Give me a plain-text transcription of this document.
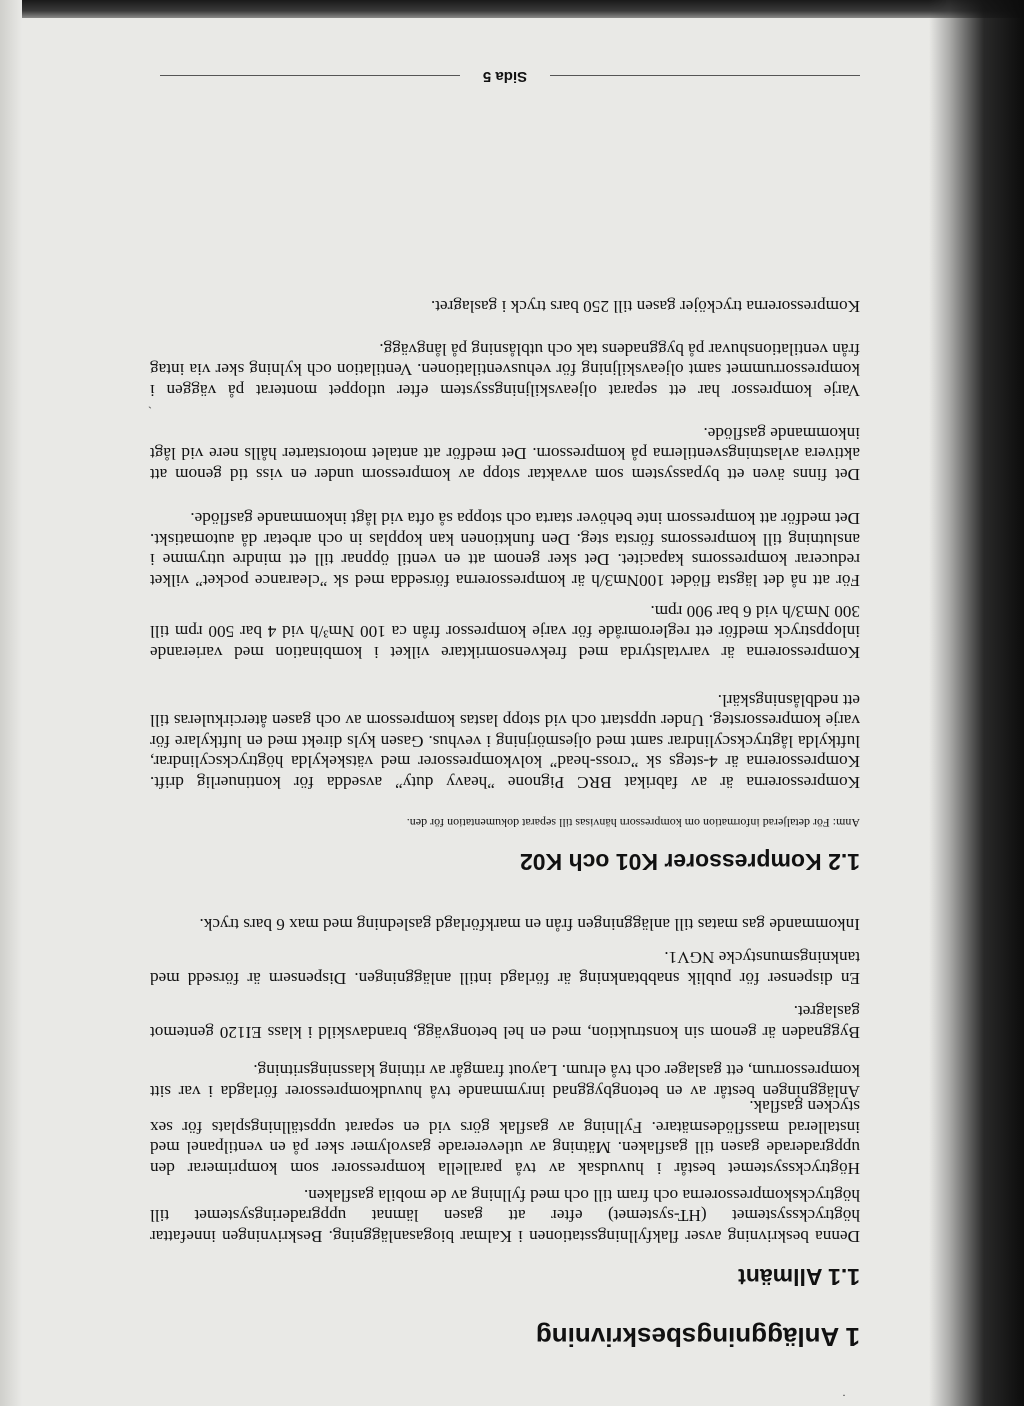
·
`
1 Anläggningsbeskrivning
1.1 Allmänt

Denna beskrivning avser flakfyllningsstationen i Kalmar biogasanläggning. Beskrivningen innefattar högtryckssystemet (HT-systemet) efter att gasen lämnat uppgraderingsystemet till högtryckskompressorerna och fram till och med fyllning av de mobila gasflaken.

Högtryckssystemet består i huvudsak av två parallella kompressorer som komprimerar den uppgraderade gasen till gasflaken. Mätning av utlevererade gasvolymer sker på en ventilpanel med installerad massflödesmätare. Fyllning av gasflak görs vid en separat uppställningsplats för sex stycken gasflak.

Anläggningen består av en betongbyggnad inrymmande två huvudkompressorer förlagda i var sitt kompressorrum, ett gaslager och två elrum. Layout framgår av ritning klassningsritning.

Byggnaden är genom sin konstruktion, med en hel betongvägg, brandavskild i klass EI120 gentemot gaslagret.

En dispenser för publik snabbtankning är förlagd intill anläggningen. Dispensern är försedd med tankningsmunstycke NGV1.

Inkommande gas matas till anläggningen från en markförlagd gasledning med max 6 bars tryck.

1.2 Kompressorer K01 och K02

Anm: För detaljerad information om kompressorn hänvisas till separat dokumentation för den.

Kompressorerna är av fabrikat BRC Pignone ”heavy duty” avsedda för kontinuerlig drift. Kompressorerna är 4-stegs sk ”cross-head” kolvkompressorer med vätskekylda högtryckscylindrar, luftkylda lågtryckscylindrar samt med oljesmörjning i vevhus. Gasen kyls direkt med en luftkylare för varje kompressorsteg. Under uppstart och vid stopp lastas kompressorn av och gasen återcirkuleras till ett nedblåsningskärl.

Kompressorerna är varvtalstyrda med frekvensomriktare vilket i kombination med varierande inloppstryck medför ett reglerområde för varje kompressor från ca 100 Nm³/h vid 4 bar 500 rpm till 300 Nm3/h vid 6 bar 900 rpm.

För att nå det lägsta flödet 100Nm3/h är kompressorerna försedda med sk ”clearance pocket” vilket reducerar kompressorns kapacitet. Det sker genom att en ventil öppnar till ett mindre utrymme i anslutning till kompressorns första steg. Den funktionen kan kopplas in och arbetar då automatiskt. Det medför att kompressorn inte behöver starta och stoppa så ofta vid lågt inkommande gasflöde.

Det finns även ett bypassystem som avvaktar stopp av kompressorn under en viss tid genom att aktivera avlastningsventilerna på kompressorn. Det medför att antalet motorstarter hålls nere vid lågt inkommande gasflöde.

Varje kompressor har ett separat oljeavskiljningssystem efter utloppet monterat på väggen i kompressorrummet samt oljeavskiljning för vehusventilationen. Ventilation och kylning sker via intag från ventilationshuvar på byggnadens tak och utblåsning på långvägg.

Kompressorerna trycköjer gasen till 250 bars tryck i gaslagret.

Sida 5
